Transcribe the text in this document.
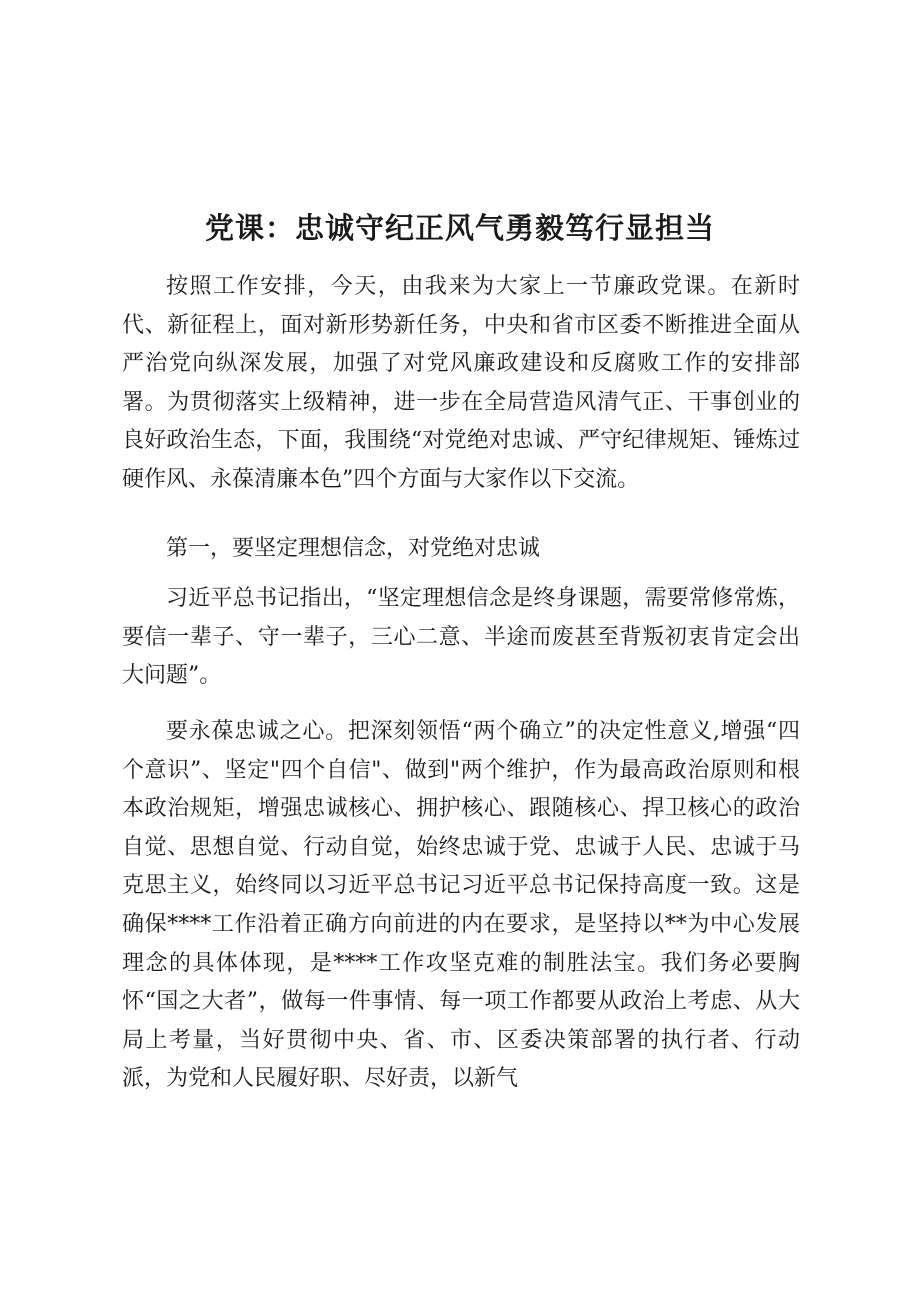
党课：忠诚守纪正风气勇毅笃行显担当

按照工作安排，今天，由我来为大家上一节廉政党课。在新时代、新征程上，面对新形势新任务，中央和省市区委不断推进全面从严治党向纵深发展，加强了对党风廉政建设和反腐败工作的安排部署。为贯彻落实上级精神，进一步在全局营造风清气正、干事创业的良好政治生态，下面，我围绕“对党绝对忠诚、严守纪律规矩、锤炼过硬作风、永葆清廉本色”四个方面与大家作以下交流。

第一，要坚定理想信念，对党绝对忠诚

习近平总书记指出，“坚定理想信念是终身课题，需要常修常炼，要信一辈子、守一辈子，三心二意、半途而废甚至背叛初衷肯定会出大问题”。

要永葆忠诚之心。把深刻领悟“两个确立”的决定性意义,增强“四个意识”、坚定"四个自信"、做到"两个维护，作为最高政治原则和根本政治规矩，增强忠诚核心、拥护核心、跟随核心、捍卫核心的政治自觉、思想自觉、行动自觉，始终忠诚于党、忠诚于人民、忠诚于马克思主义，始终同以习近平总书记习近平总书记保持高度一致。这是确保****工作沿着正确方向前进的内在要求，是坚持以**为中心发展理念的具体体现，是****工作攻坚克难的制胜法宝。我们务必要胸怀“国之大者”，做每一件事情、每一项工作都要从政治上考虑、从大局上考量，当好贯彻中央、省、市、区委决策部署的执行者、行动派，为党和人民履好职、尽好责，以新气
